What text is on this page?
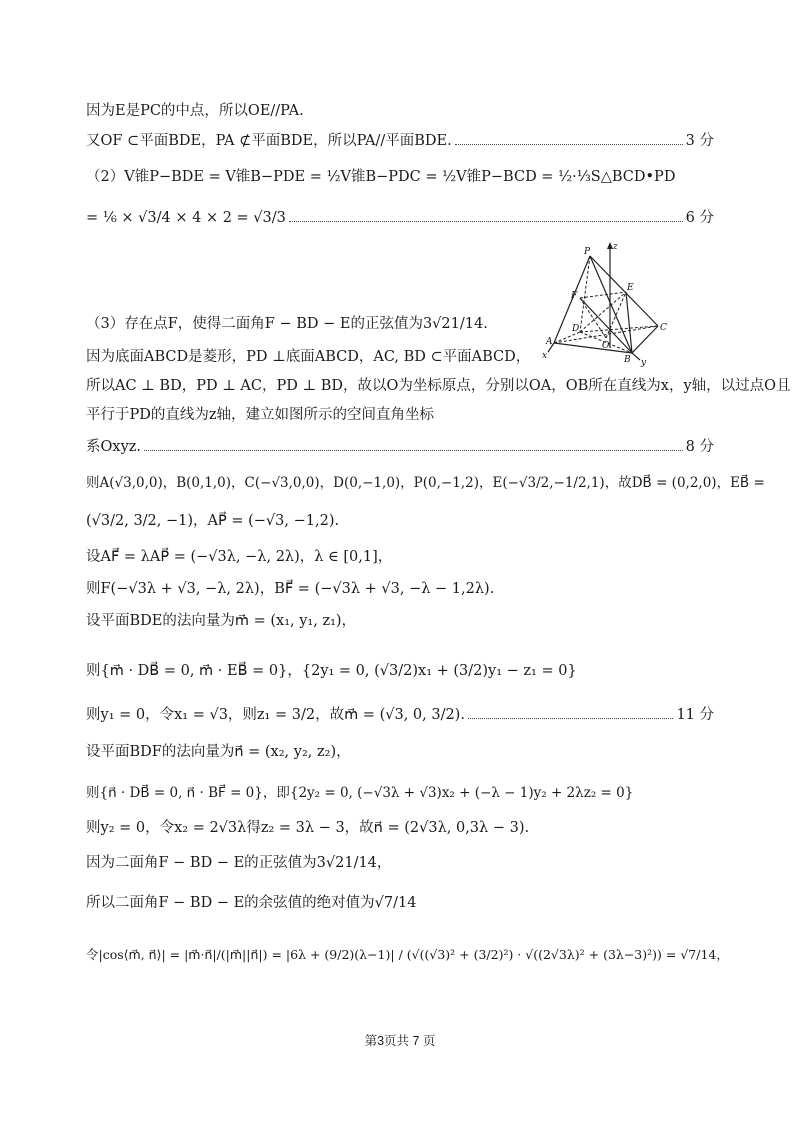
因为E是PC的中点，所以OE//PA.
又OF ⊂平面BDE，PA ⊄平面BDE，所以PA//平面BDE.	3 分
（2）V锥P−BDE = V锥B−PDE = ½V锥B−PDC = ½V锥P−BCD = ½·⅓S△BCD•PD
= ⅙ × √3/4 × 4 × 2 = √3/3	6 分
（3）存在点F，使得二面角F − BD − E的正弦值为3√21/14.
因为底面ABCD是菱形，PD ⊥底面ABCD，AC, BD ⊂平面ABCD，
所以AC ⊥ BD，PD ⊥ AC，PD ⊥ BD，故以O为坐标原点，分别以OA，OB所在直线为x，y轴，以过点O且
平行于PD的直线为z轴，建立如图所示的空间直角坐标
系Oxyz.	8 分
则A(√3,0,0)，B(0,1,0)，C(−√3,0,0)，D(0,−1,0)，P(0,−1,2)，E(−√3/2,−1/2,1)，故DB⃗ = (0,2,0)，EB⃗ =
(√3/2, 3/2, −1)，AP⃗ = (−√3, −1,2).
设AF⃗ = λAP⃗ = (−√3λ, −λ, 2λ)，λ ∈ [0,1]，
则F(−√3λ + √3, −λ, 2λ)，BF⃗ = (−√3λ + √3, −λ − 1,2λ).
设平面BDE的法向量为m⃗ = (x₁, y₁, z₁)，
则{m⃗ · DB⃗ = 0, m⃗ · EB⃗ = 0}，{2y₁ = 0, (√3/2)x₁ + (3/2)y₁ − z₁ = 0}
则y₁ = 0，令x₁ = √3，则z₁ = 3/2，故m⃗ = (√3, 0, 3/2).	11 分
设平面BDF的法向量为n⃗ = (x₂, y₂, z₂)，
则{n⃗ · DB⃗ = 0, n⃗ · BF⃗ = 0}，即{2y₂ = 0, (−√3λ + √3)x₂ + (−λ − 1)y₂ + 2λz₂ = 0}
则y₂ = 0，令x₂ = 2√3λ得z₂ = 3λ − 3，故n⃗ = (2√3λ, 0,3λ − 3).
因为二面角F − BD − E的正弦值为3√21/14，
所以二面角F − BD − E的余弦值的绝对值为√7/14
令|cos⟨m⃗, n⃗⟩| = |m⃗·n⃗|/(|m⃗||n⃗|) = |6λ + (9/2)(λ−1)| / (√((√3)² + (3/2)²) · √((2√3λ)² + (3λ−3)²)) = √7/14，
P	z
E
F
C
D
O
A
B
x
y
第3页共 7 页
